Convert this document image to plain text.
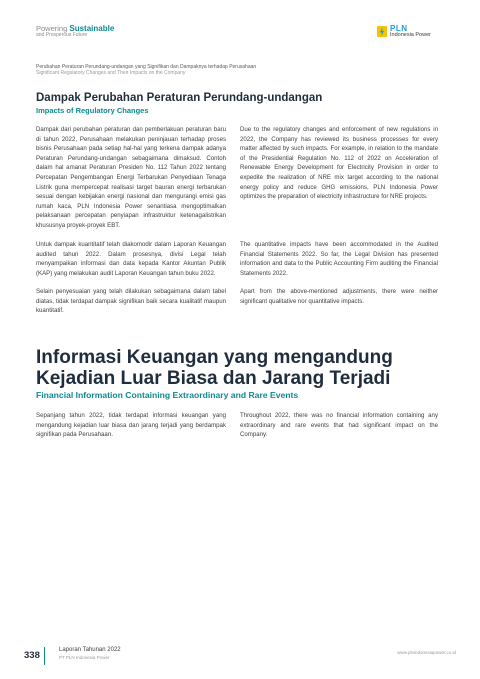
Powering Sustainable
and Prosperous Future
PLN
Indonesia Power
Perubahan Peraturan Perundang-undangan yang Signifikan dan Dampaknya terhadap Perusahaan
Significant Regulatory Changes and Their Impacts on the Company
Dampak Perubahan Peraturan Perundang-undangan
Impacts of Regulatory Changes

Dampak dari perubahan peraturan dan pemberlakuan peraturan baru di tahun 2022, Perusahaan melakukan peninjauan terhadap proses bisnis Perusahaan pada setiap hal-hal yang terkena dampak adanya Peraturan Perundang-undangan sebagaimana dimaksud. Contoh dalam hal amanat Peraturan Presiden No. 112 Tahun 2022 tentang Percepatan Pengembangan Energi Terbarukan Penyediaan Tenaga Listrik guna mempercepat realisasi target bauran energi terbarukan sesuai dengan kebijakan energi nasional dan mengurangi emisi gas rumah kaca, PLN Indonesia Power senantiasa mengoptimalkan pelaksanaan percepatan penyiapan infrastruktur ketenagalistrikan khususnya proyek-proyek EBT.

Due to the regulatory changes and enforcement of new regulations in 2022, the Company has reviewed its business processes for every matter affected by such impacts. For example, in relation to the mandate of the Presidential Regulation No. 112 of 2022 on Acceleration of Renewable Energy Development for Electricity Provision in order to expedite the realization of NRE mix target according to the national energy policy and reduce GHG emissions, PLN Indonesia Power optimizes the preparation of electricity infrastructure for NRE projects.

Untuk dampak kuantitatif telah diakomodir dalam Laporan Keuangan audited tahun 2022. Dalam prosesnya, divisi Legal telah menyampaikan informasi dan data kepada Kantor Akuntan Publik (KAP) yang melakukan audit Laporan Keuangan tahun buku 2022.

The quantitative impacts have been accommodated in the Audited Financial Statements 2022. So far, the Legal Division has presented information and data to the Public Accounting Firm auditing the Financial Statements 2022.

Selain penyesuaian yang telah dilakukan sebagaimana dalam tabel diatas, tidak terdapat dampak signifikan baik secara kualitatif maupun kuantitatif.

Apart from the above-mentioned adjustments, there were neither significant qualitative nor quantitative impacts.

Informasi Keuangan yang mengandung Kejadian Luar Biasa dan Jarang Terjadi
Financial Information Containing Extraordinary and Rare Events

Sepanjang tahun 2022, tidak terdapat informasi keuangan yang mengandung kejadian luar biasa dan jarang terjadi yang berdampak signifikan pada Perusahaan.

Throughout 2022, there was no financial information containing any extraordinary and rare events that had significant impact on the Company.

338	Laporan Tahunan 2022
PT PLN Indonesia Power
www.plnindonesiapower.co.id
